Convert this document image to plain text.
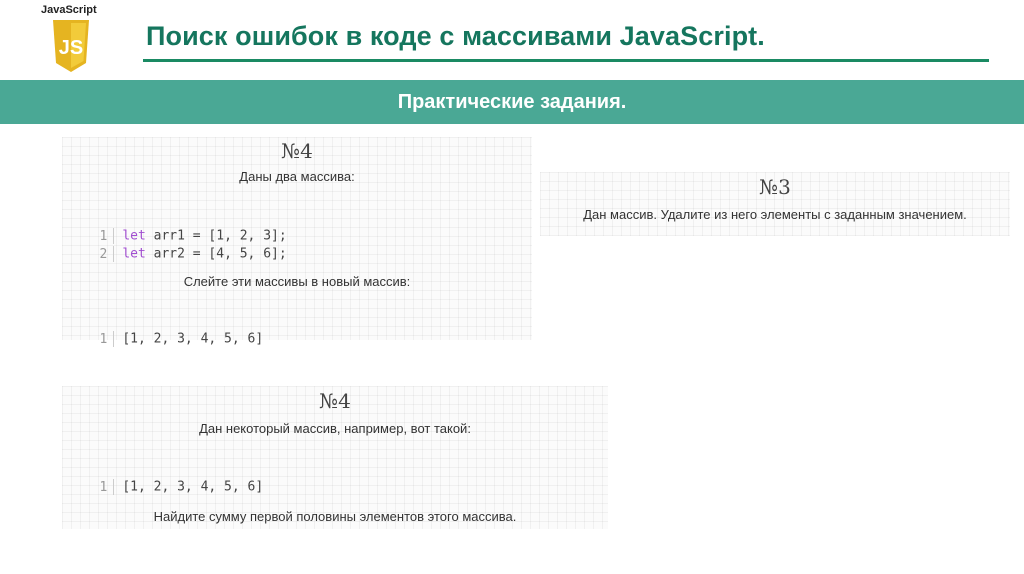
JavaScript
JS Поиск ошибок в коде с массивами JavaScript.
Практические задания.
№4
Даны два массива:

1 let arr1 = [1, 2, 3];

2 let arr2 = [4, 5, 6];

Слейте эти массивы в новый массив:

1 [1, 2, 3, 4, 5, 6]

№3
Дан массив. Удалите из него элементы с заданным значением.
№4
Дан некоторый массив, например, вот такой:

1 [1, 2, 3, 4, 5, 6]

Найдите сумму первой половины элементов этого массива.
